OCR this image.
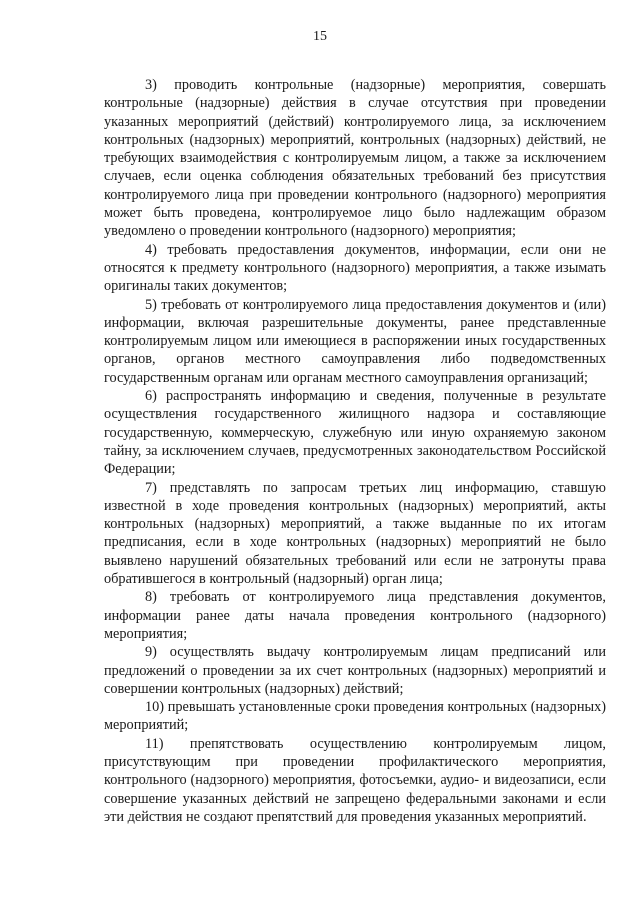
15

3) проводить контрольные (надзорные) мероприятия, совершать контрольные (надзорные) действия в случае отсутствия при проведении указанных мероприятий (действий) контролируемого лица, за исключением контрольных (надзорных) мероприятий, контрольных (надзорных) действий, не требующих взаимодействия с контролируемым лицом, а также за исключением случаев, если оценка соблюдения обязательных требований без присутствия контролируемого лица при проведении контрольного (надзорного) мероприятия может быть проведена, контролируемое лицо было надлежащим образом уведомлено о проведении контрольного (надзорного) мероприятия;

4) требовать предоставления документов, информации, если они не относятся к предмету контрольного (надзорного) мероприятия, а также изымать оригиналы таких документов;

5) требовать от контролируемого лица предоставления документов и (или) информации, включая разрешительные документы, ранее представленные контролируемым лицом или имеющиеся в распоряжении иных государственных органов, органов местного самоуправления либо подведомственных государственным органам или органам местного самоуправления организаций;

6) распространять информацию и сведения, полученные в результате осуществления государственного жилищного надзора и составляющие государственную, коммерческую, служебную или иную охраняемую законом тайну, за исключением случаев, предусмотренных законодательством Российской Федерации;

7) представлять по запросам третьих лиц информацию, ставшую известной в ходе проведения контрольных (надзорных) мероприятий, акты контрольных (надзорных) мероприятий, а также выданные по их итогам предписания, если в ходе контрольных (надзорных) мероприятий не было выявлено нарушений обязательных требований или если не затронуты права обратившегося в контрольный (надзорный) орган лица;

8) требовать от контролируемого лица представления документов, информации ранее даты начала проведения контрольного (надзорного) мероприятия;

9) осуществлять выдачу контролируемым лицам предписаний или предложений о проведении за их счет контрольных (надзорных) мероприятий и совершении контрольных (надзорных) действий;

10) превышать установленные сроки проведения контрольных (надзорных) мероприятий;

11) препятствовать осуществлению контролируемым лицом, присутствующим при проведении профилактического мероприятия, контрольного (надзорного) мероприятия, фотосъемки, аудио- и видеозаписи, если совершение указанных действий не запрещено федеральными законами и если эти действия не создают препятствий для проведения указанных мероприятий.
